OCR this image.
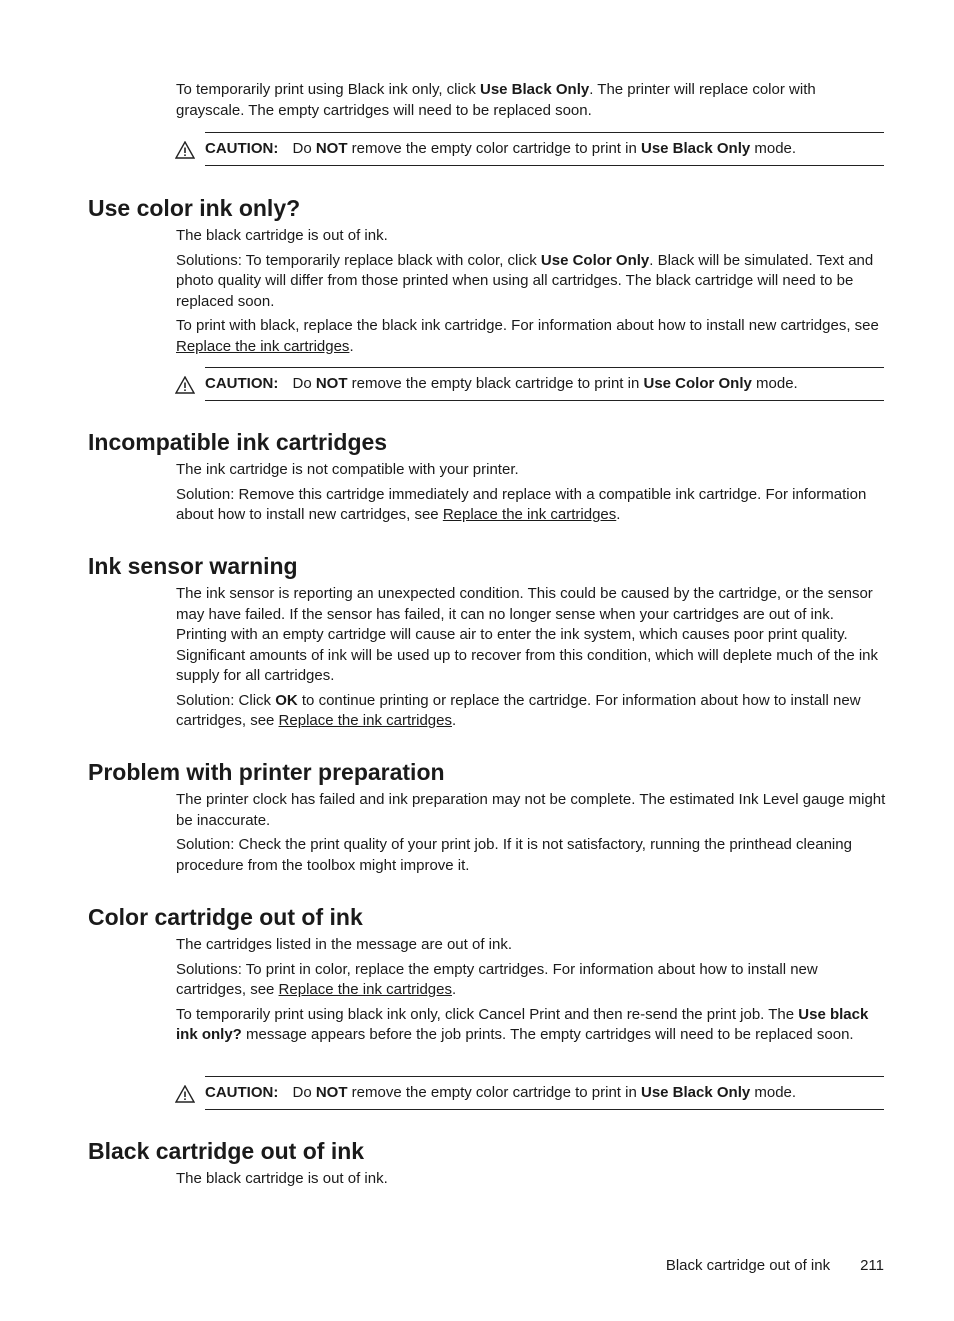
To temporarily print using Black ink only, click Use Black Only. The printer will replace color with grayscale. The empty cartridges will need to be replaced soon.

CAUTION: Do NOT remove the empty color cartridge to print in Use Black Only mode.
Use color ink only?

The black cartridge is out of ink.

Solutions: To temporarily replace black with color, click Use Color Only. Black will be simulated. Text and photo quality will differ from those printed when using all cartridges. The black cartridge will need to be replaced soon.

To print with black, replace the black ink cartridge. For information about how to install new cartridges, see Replace the ink cartridges.

CAUTION: Do NOT remove the empty black cartridge to print in Use Color Only mode.
Incompatible ink cartridges

The ink cartridge is not compatible with your printer.

Solution: Remove this cartridge immediately and replace with a compatible ink cartridge. For information about how to install new cartridges, see Replace the ink cartridges.

Ink sensor warning

The ink sensor is reporting an unexpected condition. This could be caused by the cartridge, or the sensor may have failed. If the sensor has failed, it can no longer sense when your cartridges are out of ink. Printing with an empty cartridge will cause air to enter the ink system, which causes poor print quality. Significant amounts of ink will be used up to recover from this condition, which will deplete much of the ink supply for all cartridges.

Solution: Click OK to continue printing or replace the cartridge. For information about how to install new cartridges, see Replace the ink cartridges.

Problem with printer preparation

The printer clock has failed and ink preparation may not be complete. The estimated Ink Level gauge might be inaccurate.

Solution: Check the print quality of your print job. If it is not satisfactory, running the printhead cleaning procedure from the toolbox might improve it.

Color cartridge out of ink

The cartridges listed in the message are out of ink.

Solutions: To print in color, replace the empty cartridges. For information about how to install new cartridges, see Replace the ink cartridges.

To temporarily print using black ink only, click Cancel Print and then re-send the print job. The Use black ink only? message appears before the job prints. The empty cartridges will need to be replaced soon.

CAUTION: Do NOT remove the empty color cartridge to print in Use Black Only mode.
Black cartridge out of ink

The black cartridge is out of ink.

Black cartridge out of ink 211
